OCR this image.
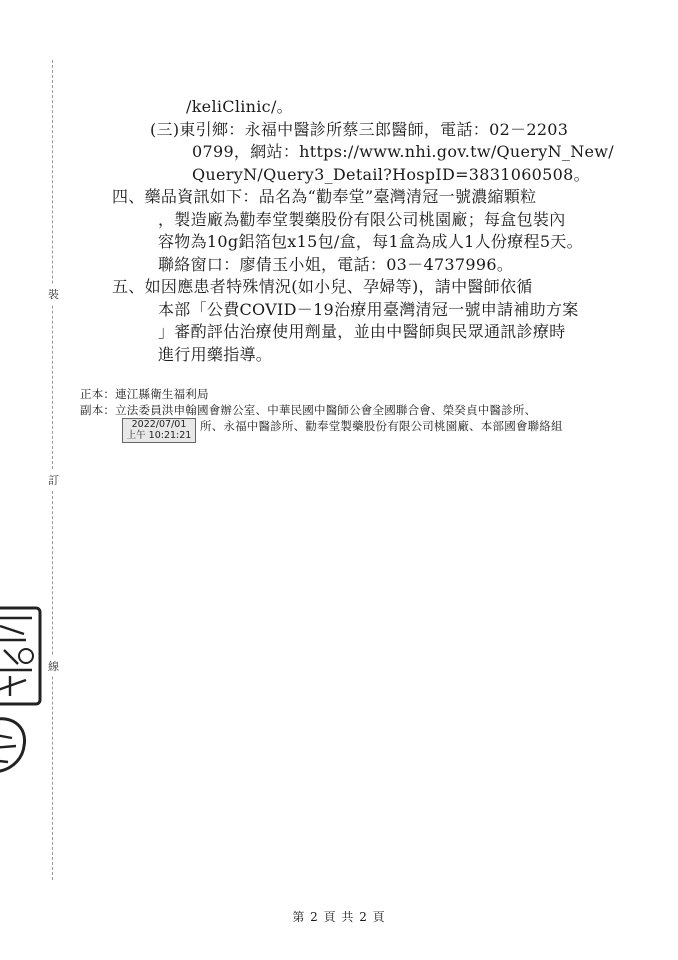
裝
訂
線
/keliClinic/。
(三)東引鄉：永福中醫診所蔡三郎醫師，電話：02－2203
0799，網站：https://www.nhi.gov.tw/QueryN_New/
QueryN/Query3_Detail?HospID=3831060508。
四、藥品資訊如下：品名為“勸奉堂”臺灣清冠一號濃縮顆粒
，製造廠為勸奉堂製藥股份有限公司桃園廠；每盒包裝內
容物為10g鋁箔包x15包/盒，每1盒為成人1人份療程5天。
聯絡窗口：廖倩玉小姐，電話：03－4737996。
五、如因應患者特殊情況(如小兒、孕婦等)，請中醫師依循
本部「公費COVID－19治療用臺灣清冠一號申請補助方案
」審酌評估治療使用劑量，並由中醫師與民眾通訊診療時
進行用藥指導。
正本：連江縣衛生福利局
副本：立法委員洪申翰國會辦公室、中華民國中醫師公會全國聯合會、榮癸貞中醫診所、
所、永福中醫診所、勸奉堂製藥股份有限公司桃園廠、本部國會聯絡組
2022/07/01
上午 10:21:21
第 2 頁 共 2 頁
